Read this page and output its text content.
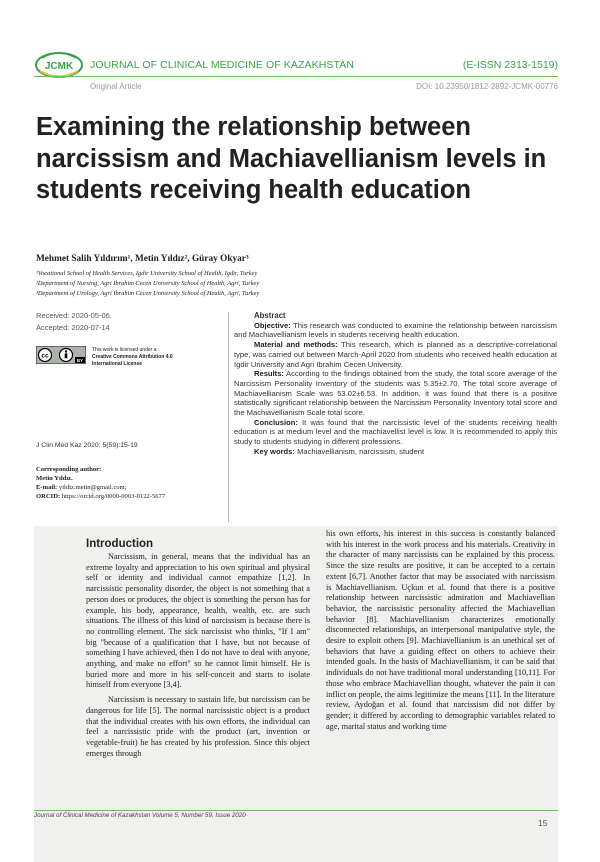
JCMK JOURNAL OF CLINICAL MEDICINE OF KAZAKHSTAN	(E-ISSN 2313-1519)
Original Article	DOI: 10.23950/1812-2892-JCMK-00776
Examining the relationship between narcissism and Machiavellianism levels in students receiving health education
Mehmet Salih Yıldırım¹, Metin Yıldız², Güray Okyar³
¹Vocational School of Health Services, Igdir University School of Health, Igdir, Turkey
²Department of Nursing, Agri Ibrahim Cecen University School of Health, Agri, Turkey
³Department of Urology, Agri Ibrahim Cecen University School of Health, Agri, Turkey
Received: 2020-05-06.
Accepted: 2020-07-14
cc
BY
This work is licensed under a
Creative Commons Attribution 4.0
International License
J Clin Med Kaz 2020; 5(59):15-19
Corresponding author:
Metin Yıldız.
E-mail: yildiz.metin@gmail.com;
ORCID: https://orcid.org/0000-0003-0122-5677
Abstract

Objective: This research was conducted to examine the relationship between narcissism and Machiavellianism levels in students receiving health education.

Material and methods: This research, which is planned as a descriptive-correlational type, was carried out between March-April 2020 from students who received health education at Igdir University and Agri Ibrahim Cecen University.

Results: According to the findings obtained from the study, the total score average of the Narcissism Personality Inventory of the students was 5.35±2.70. The total score average of Machiavellianism Scale was 53.02±6.53. In addition, it was found that there is a positive statistically significant relationship between the Narcissism Personality Inventory total score and the Machiavellianism Scale total score.

Conclusion: It was found that the narcissistic level of the students receiving health education is at medium level and the machiavellist level is low. It is recommended to apply this study to students studying in different professions.

Key words: Machiavellianism, narcissism, student

Introduction

Narcissism, in general, means that the individual has an extreme loyalty and appreciation to his own spiritual and physical self or identity and individual cannot empathize [1,2]. In narcissistic personality disorder, the object is not something that a person does or produces, the object is something the person has for example, his body, appearance, health, wealth, etc. are such situations. The illness of this kind of narcissism is because there is no controlling element. The sick narcissist who thinks, "If I am" big "because of a qualification that I have, but not because of something I have achieved, then I do not have to deal with anyone, anything, and make no effort" so he cannot limit himself. He is buried more and more in his self-conceit and starts to isolate himself from everyone [3,4].

Narcissism is necessary to sustain life, but narcissism can be dangerous for life [5]. The normal narcissistic object is a product that the individual creates with his own efforts, the individual can feel a narcissistic pride with the product (art, invention or vegetable-fruit) he has created by his profession. Since this object emerges through

his own efforts, his interest in this success is constantly balanced with his interest in the work process and his materials. Creativity in the character of many narcissists can be explained by this process. Since the size results are positive, it can be accepted to a certain extent [6,7]. Another factor that may be associated with narcissism is Machiavellianism. Uçkun et al. found that there is a positive relationship between narcissistic admiration and Machiavellian behavior, the narcissistic personality affected the Machiavellian behavior [8]. Machiavellianism characterizes emotionally disconnected relationships, an interpersonal manipulative style, the desire to exploit others [9]. Machiavellianism is an unethical set of behaviors that have a guiding effect on others to achieve their intended goals. In the basis of Machiavellianism, it can be said that individuals do not have traditional moral understanding [10,11]. For those who embrace Machiavellian thought, whatever the pain it can inflict on people, the aims legitimize the means [11]. In the literature review, Aydoğan et al. found that narcissism did not differ by gender; it differed by according to demographic variables related to age, marital status and working time

Journal of Clinical Medicine of Kazakhstan Volume 5, Number 59, Issue 2020
15
